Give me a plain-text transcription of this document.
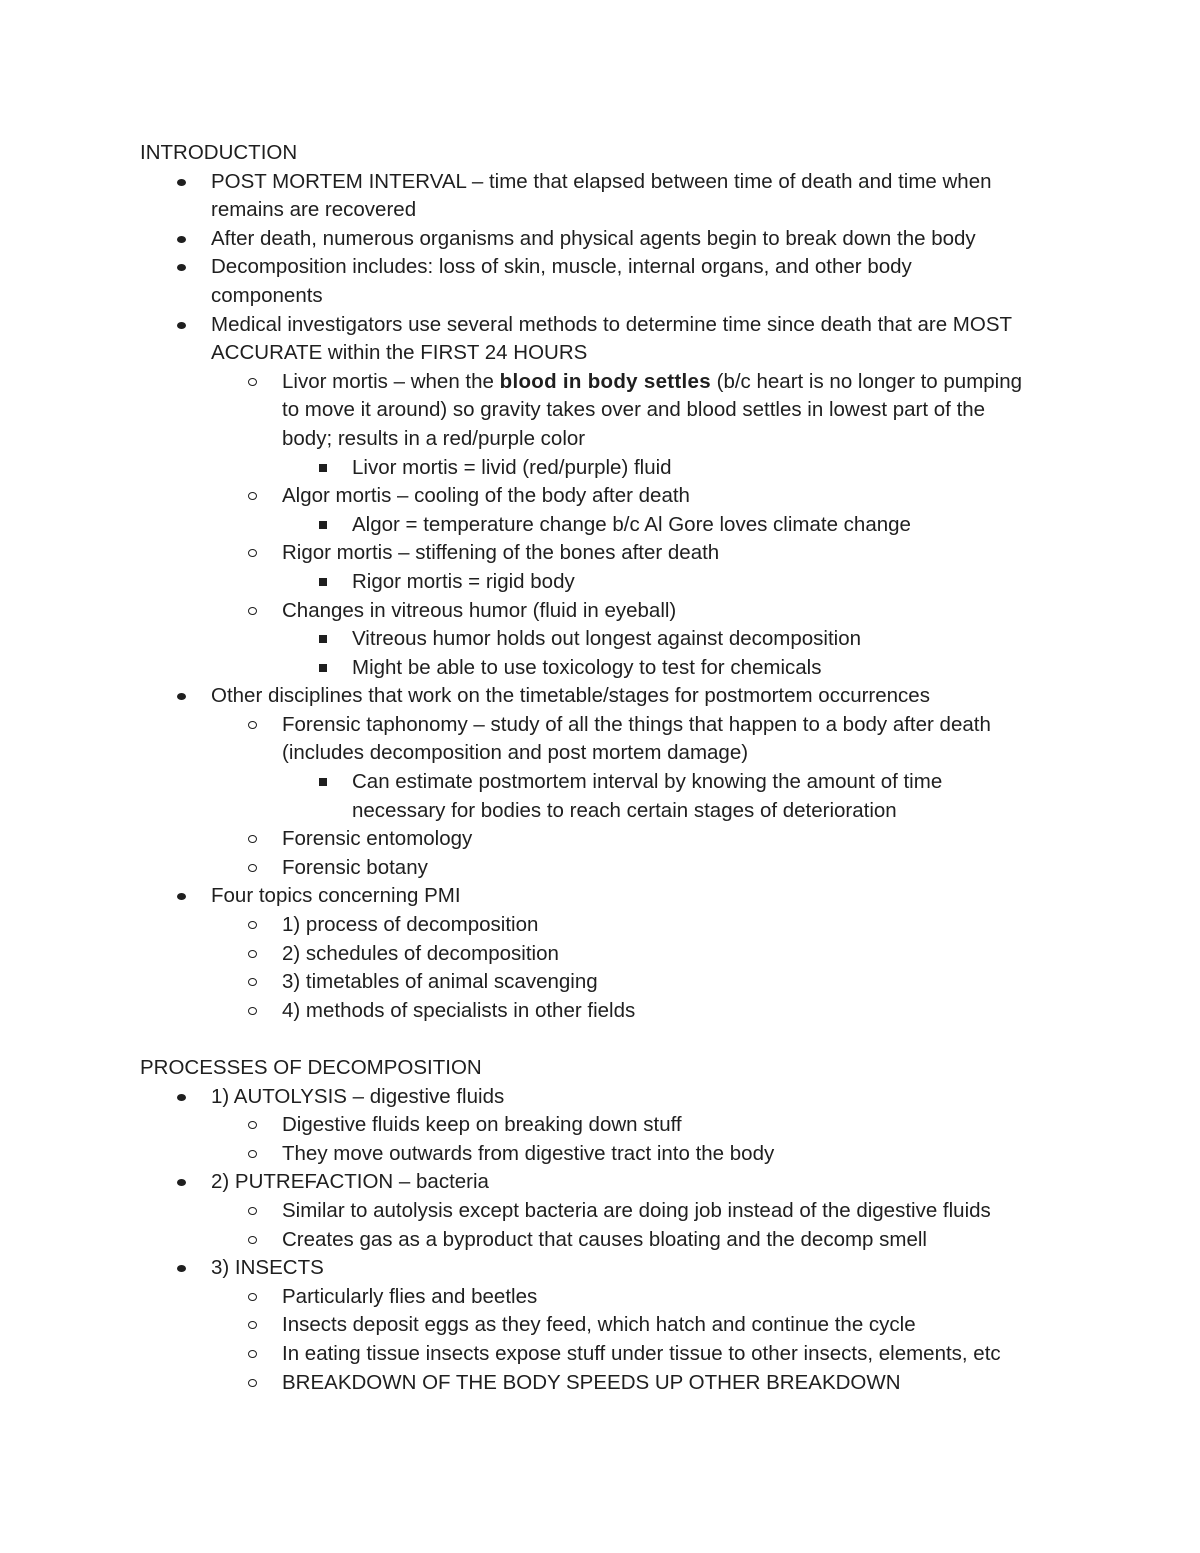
INTRODUCTION
POST MORTEM INTERVAL – time that elapsed between time of death and time when
remains are recovered
After death, numerous organisms and physical agents begin to break down the body
Decomposition includes: loss of skin, muscle, internal organs, and other body
components
Medical investigators use several methods to determine time since death that are MOST
ACCURATE within the FIRST 24 HOURS
Livor mortis – when the blood in body settles (b/c heart is no longer to pumping
to move it around) so gravity takes over and blood settles in lowest part of the
body; results in a red/purple color
Livor mortis = livid (red/purple) fluid
Algor mortis – cooling of the body after death
Algor = temperature change b/c Al Gore loves climate change
Rigor mortis – stiffening of the bones after death
Rigor mortis = rigid body
Changes in vitreous humor (fluid in eyeball)
Vitreous humor holds out longest against decomposition
Might be able to use toxicology to test for chemicals
Other disciplines that work on the timetable/stages for postmortem occurrences
Forensic taphonomy – study of all the things that happen to a body after death
(includes decomposition and post mortem damage)
Can estimate postmortem interval by knowing the amount of time
necessary for bodies to reach certain stages of deterioration
Forensic entomology
Forensic botany
Four topics concerning PMI
1) process of decomposition
2) schedules of decomposition
3) timetables of animal scavenging
4) methods of specialists in other fields
PROCESSES OF DECOMPOSITION
1) AUTOLYSIS – digestive fluids
Digestive fluids keep on breaking down stuff
They move outwards from digestive tract into the body
2) PUTREFACTION – bacteria
Similar to autolysis except bacteria are doing job instead of the digestive fluids
Creates gas as a byproduct that causes bloating and the decomp smell
3) INSECTS
Particularly flies and beetles
Insects deposit eggs as they feed, which hatch and continue the cycle
In eating tissue insects expose stuff under tissue to other insects, elements, etc
BREAKDOWN OF THE BODY SPEEDS UP OTHER BREAKDOWN
